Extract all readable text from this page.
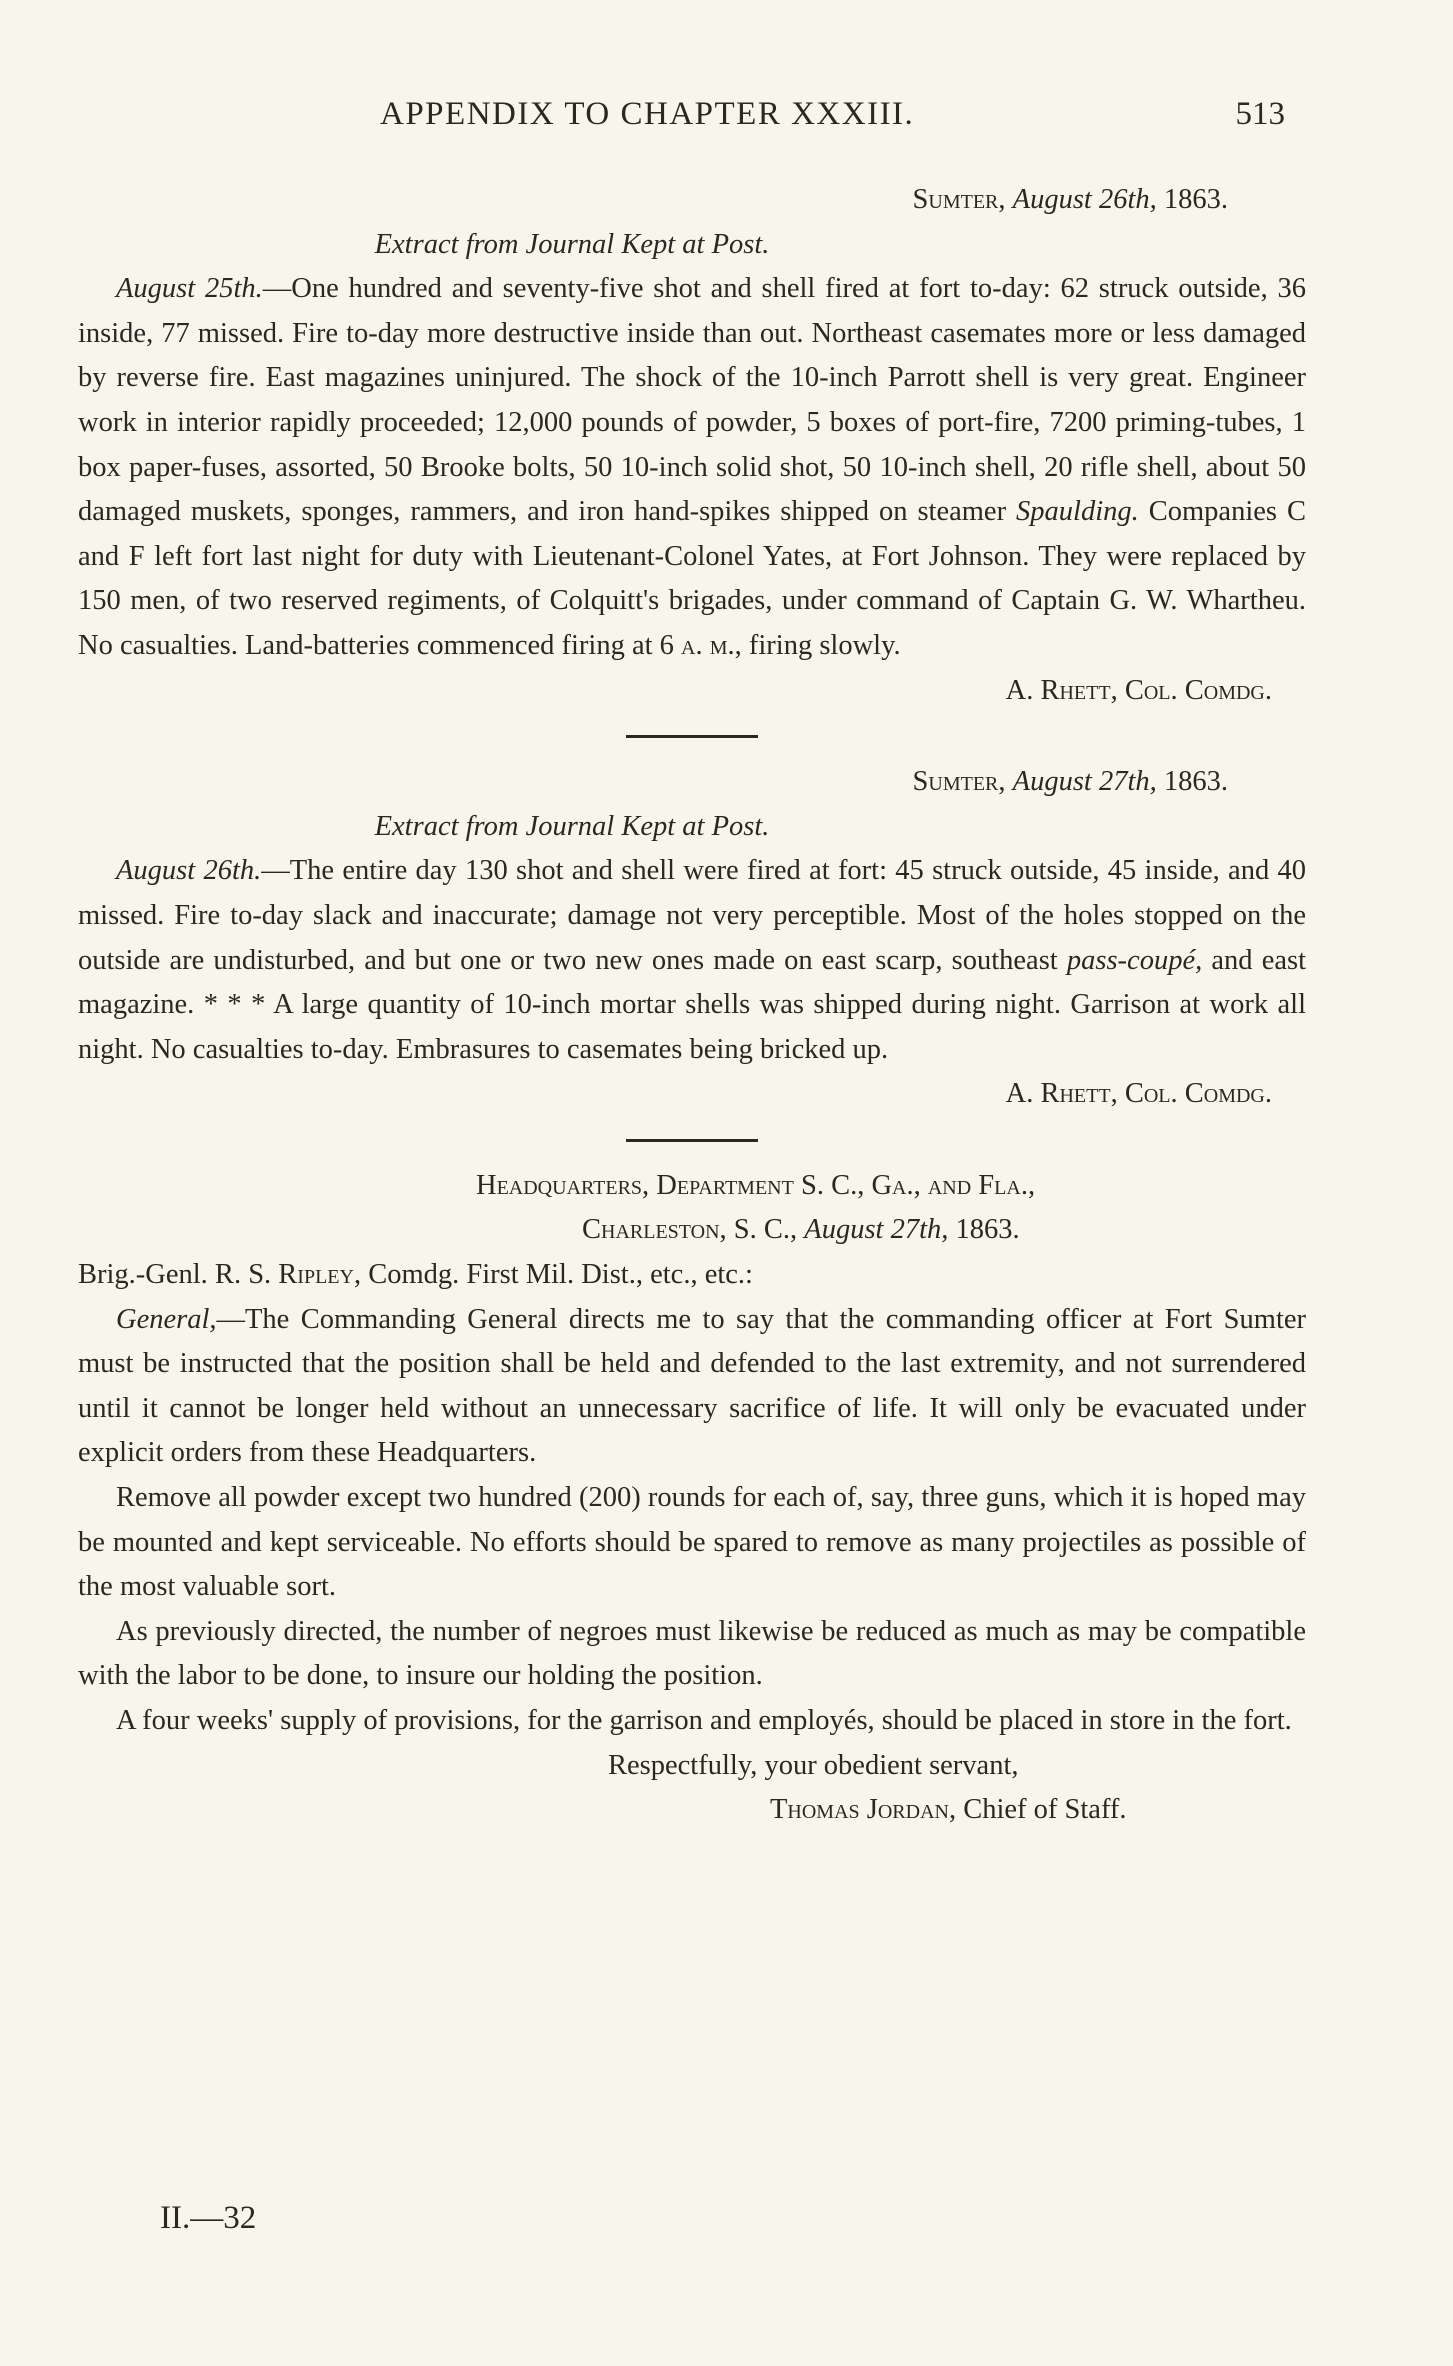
APPENDIX TO CHAPTER XXXIII.	513

Sumter, August 26th, 1863.

Extract from Journal Kept at Post.

August 25th.—One hundred and seventy-five shot and shell fired at fort to-day: 62 struck outside, 36 inside, 77 missed. Fire to-day more destructive inside than out. Northeast casemates more or less damaged by reverse fire. East magazines uninjured. The shock of the 10-inch Parrott shell is very great. Engineer work in interior rapidly proceeded; 12,000 pounds of powder, 5 boxes of port-fire, 7200 priming-tubes, 1 box paper-fuses, assorted, 50 Brooke bolts, 50 10-inch solid shot, 50 10-inch shell, 20 rifle shell, about 50 damaged muskets, sponges, rammers, and iron hand-spikes shipped on steamer Spaulding. Companies C and F left fort last night for duty with Lieutenant-Colonel Yates, at Fort Johnson. They were replaced by 150 men, of two reserved regiments, of Colquitt's brigades, under command of Captain G. W. Whartheu. No casualties. Land-batteries commenced firing at 6 a. m., firing slowly.

A. Rhett, Col. Comdg.

Sumter, August 27th, 1863.

Extract from Journal Kept at Post.

August 26th.—The entire day 130 shot and shell were fired at fort: 45 struck outside, 45 inside, and 40 missed. Fire to-day slack and inaccurate; damage not very perceptible. Most of the holes stopped on the outside are undisturbed, and but one or two new ones made on east scarp, southeast pass-coupé, and east magazine. * * * A large quantity of 10-inch mortar shells was shipped during night. Garrison at work all night. No casualties to-day. Embrasures to casemates being bricked up.

A. Rhett, Col. Comdg.

Headquarters, Department S. C., Ga., and Fla.,

Charleston, S. C., August 27th, 1863.

Brig.-Genl. R. S. Ripley, Comdg. First Mil. Dist., etc., etc.:

General,—The Commanding General directs me to say that the commanding officer at Fort Sumter must be instructed that the position shall be held and defended to the last extremity, and not surrendered until it cannot be longer held without an unnecessary sacrifice of life. It will only be evacuated under explicit orders from these Headquarters.

Remove all powder except two hundred (200) rounds for each of, say, three guns, which it is hoped may be mounted and kept serviceable. No efforts should be spared to remove as many projectiles as possible of the most valuable sort.

As previously directed, the number of negroes must likewise be reduced as much as may be compatible with the labor to be done, to insure our holding the position.

A four weeks' supply of provisions, for the garrison and employés, should be placed in store in the fort.

Respectfully, your obedient servant,

Thomas Jordan, Chief of Staff.

II.—32
